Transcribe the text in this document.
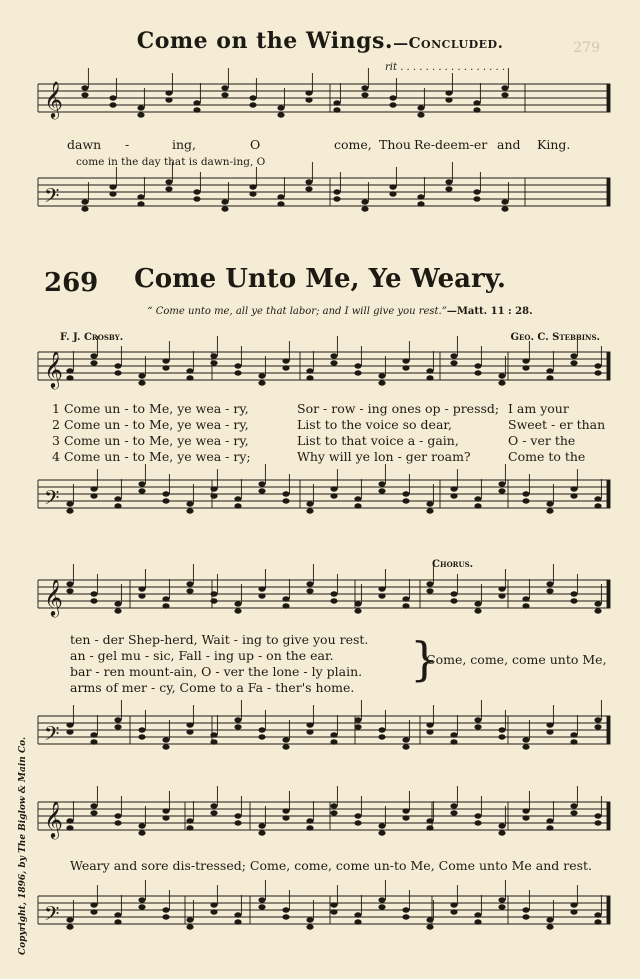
𝄞
𝄢
𝄞
𝄢
𝄞
𝄢
𝄞
𝄢
279
Come on the Wings.—Concluded.
rit . . . . . . . . . . . . . . . . .
dawn -	ing,	O	come, Thou Re-deem-er and King.
come in the day that is dawn-ing, O
269	Come Unto Me, Ye Weary.
“ Come unto me, all ye that labor; and I will give you rest.”—Matt. 11 : 28.
F. J. Crosby.	Geo. C. Stebbins.
1 Come un - to Me, ye wea - ry,	Sor - row - ing ones op - pressd; I am your
2 Come un - to Me, ye wea - ry,	List to the voice so dear,	Sweet - er than
3 Come un - to Me, ye wea - ry,	List to that voice a - gain,	O - ver the
4 Come un - to Me, ye wea - ry;	Why will ye lon - ger roam?	Come to the
Chorus.
ten - der Shep-herd, Wait - ing to give you rest.
an - gel mu - sic, Fall - ing up - on the ear.
bar - ren mount-ain, O - ver the lone - ly plain.
arms of mer - cy, Come to a Fa - ther's home.
}
Come, come, come unto Me,
Weary and sore dis-tressed; Come, come, come un-to Me, Come unto Me and rest.
Copyright, 1896, by The Biglow & Main Co.
